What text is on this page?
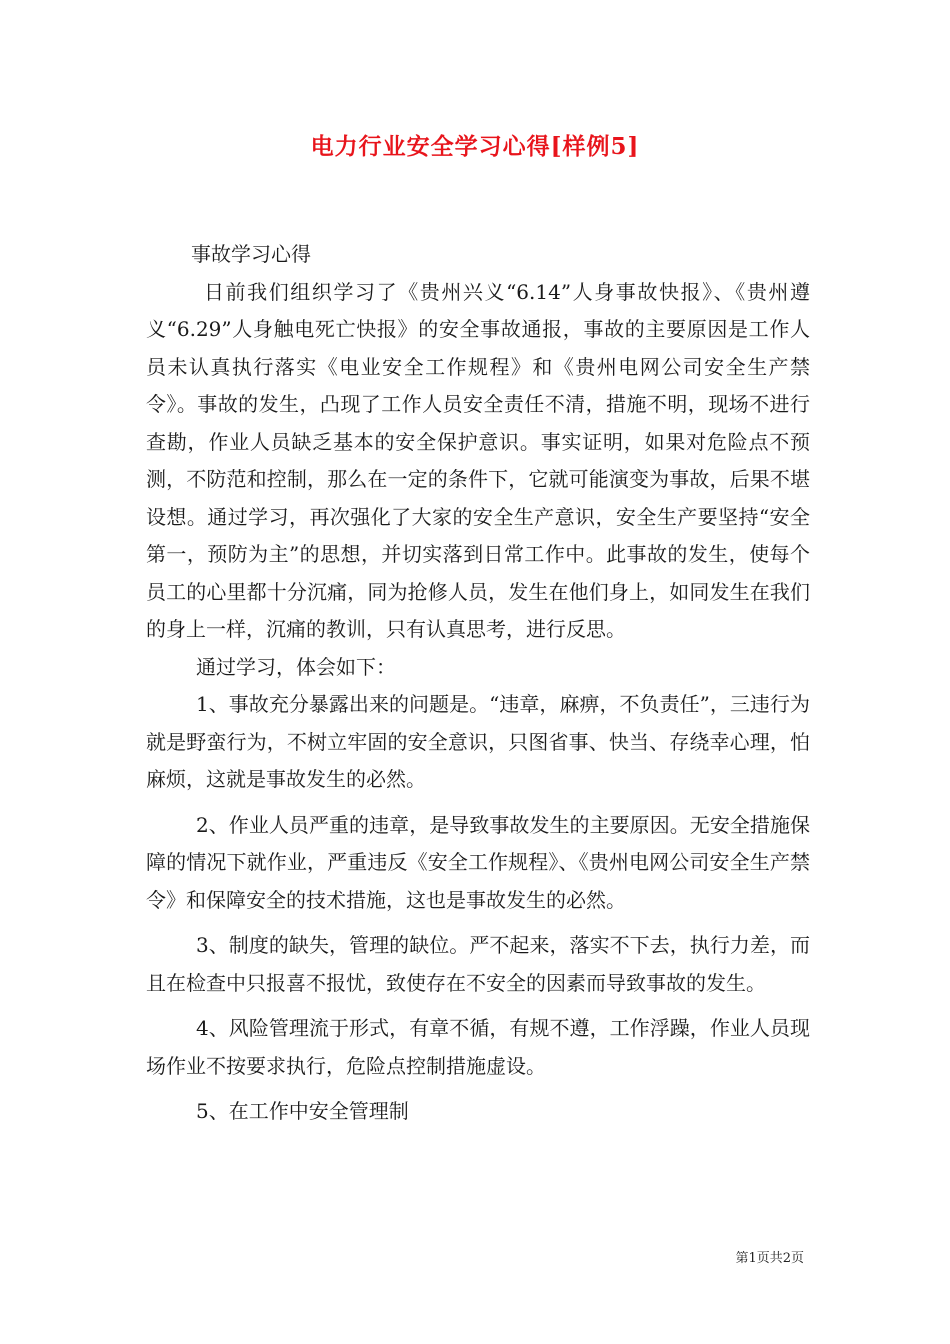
电力行业安全学习心得[样例5]

事故学习心得

日前我们组织学习了《贵州兴义“6.14”人身事故快报》、《贵州遵义“6.29”人身触电死亡快报》的安全事故通报，事故的主要原因是工作人员未认真执行落实《电业安全工作规程》和《贵州电网公司安全生产禁令》。事故的发生，凸现了工作人员安全责任不清，措施不明，现场不进行查勘，作业人员缺乏基本的安全保护意识。事实证明，如果对危险点不预测，不防范和控制，那么在一定的条件下，它就可能演变为事故，后果不堪设想。通过学习，再次强化了大家的安全生产意识，安全生产要坚持“安全第一，预防为主”的思想，并切实落到日常工作中。此事故的发生，使每个员工的心里都十分沉痛，同为抢修人员，发生在他们身上，如同发生在我们的身上一样，沉痛的教训，只有认真思考，进行反思。

通过学习，体会如下：

1、事故充分暴露出来的问题是。“违章，麻痹，不负责任”，三违行为就是野蛮行为，不树立牢固的安全意识，只图省事、快当、存绕幸心理，怕麻烦，这就是事故发生的必然。

2、作业人员严重的违章，是导致事故发生的主要原因。无安全措施保障的情况下就作业，严重违反《安全工作规程》、《贵州电网公司安全生产禁令》和保障安全的技术措施，这也是事故发生的必然。

3、制度的缺失，管理的缺位。严不起来，落实不下去，执行力差，而且在检查中只报喜不报忧，致使存在不安全的因素而导致事故的发生。

4、风险管理流于形式，有章不循，有规不遵，工作浮躁，作业人员现场作业不按要求执行，危险点控制措施虚设。

5、在工作中安全管理制

第1页共2页
